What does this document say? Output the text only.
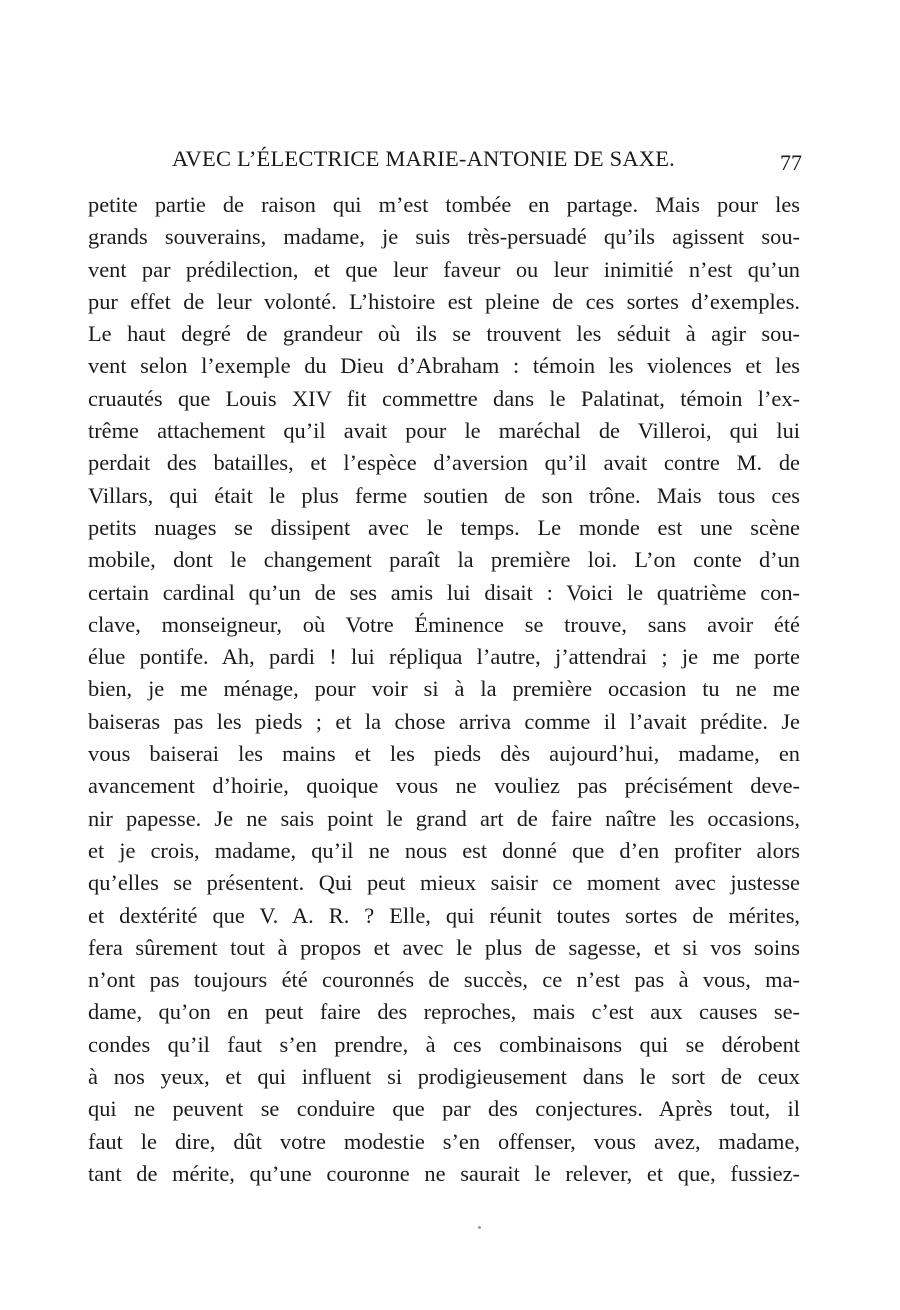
AVEC L’ÉLECTRICE MARIE-ANTONIE DE SAXE.	77
petite partie de raison qui m’est tombée en partage. Mais pour les
grands souverains, madame, je suis très-persuadé qu’ils agissent sou-
vent par prédilection, et que leur faveur ou leur inimitié n’est qu’un
pur effet de leur volonté. L’histoire est pleine de ces sortes d’exemples.
Le haut degré de grandeur où ils se trouvent les séduit à agir sou-
vent selon l’exemple du Dieu d’Abraham : témoin les violences et les
cruautés que Louis XIV fit commettre dans le Palatinat, témoin l’ex-
trême attachement qu’il avait pour le maréchal de Villeroi, qui lui
perdait des batailles, et l’espèce d’aversion qu’il avait contre M. de
Villars, qui était le plus ferme soutien de son trône. Mais tous ces
petits nuages se dissipent avec le temps. Le monde est une scène
mobile, dont le changement paraît la première loi. L’on conte d’un
certain cardinal qu’un de ses amis lui disait : Voici le quatrième con-
clave, monseigneur, où Votre Éminence se trouve, sans avoir été
élue pontife. Ah, pardi ! lui répliqua l’autre, j’attendrai ; je me porte
bien, je me ménage, pour voir si à la première occasion tu ne me
baiseras pas les pieds ; et la chose arriva comme il l’avait prédite. Je
vous baiserai les mains et les pieds dès aujourd’hui, madame, en
avancement d’hoirie, quoique vous ne vouliez pas précisément deve-
nir papesse. Je ne sais point le grand art de faire naître les occasions,
et je crois, madame, qu’il ne nous est donné que d’en profiter alors
qu’elles se présentent. Qui peut mieux saisir ce moment avec justesse
et dextérité que V. A. R. ? Elle, qui réunit toutes sortes de mérites,
fera sûrement tout à propos et avec le plus de sagesse, et si vos soins
n’ont pas toujours été couronnés de succès, ce n’est pas à vous, ma-
dame, qu’on en peut faire des reproches, mais c’est aux causes se-
condes qu’il faut s’en prendre, à ces combinaisons qui se dérobent
à nos yeux, et qui influent si prodigieusement dans le sort de ceux
qui ne peuvent se conduire que par des conjectures. Après tout, il
faut le dire, dût votre modestie s’en offenser, vous avez, madame,
tant de mérite, qu’une couronne ne saurait le relever, et que, fussiez-
